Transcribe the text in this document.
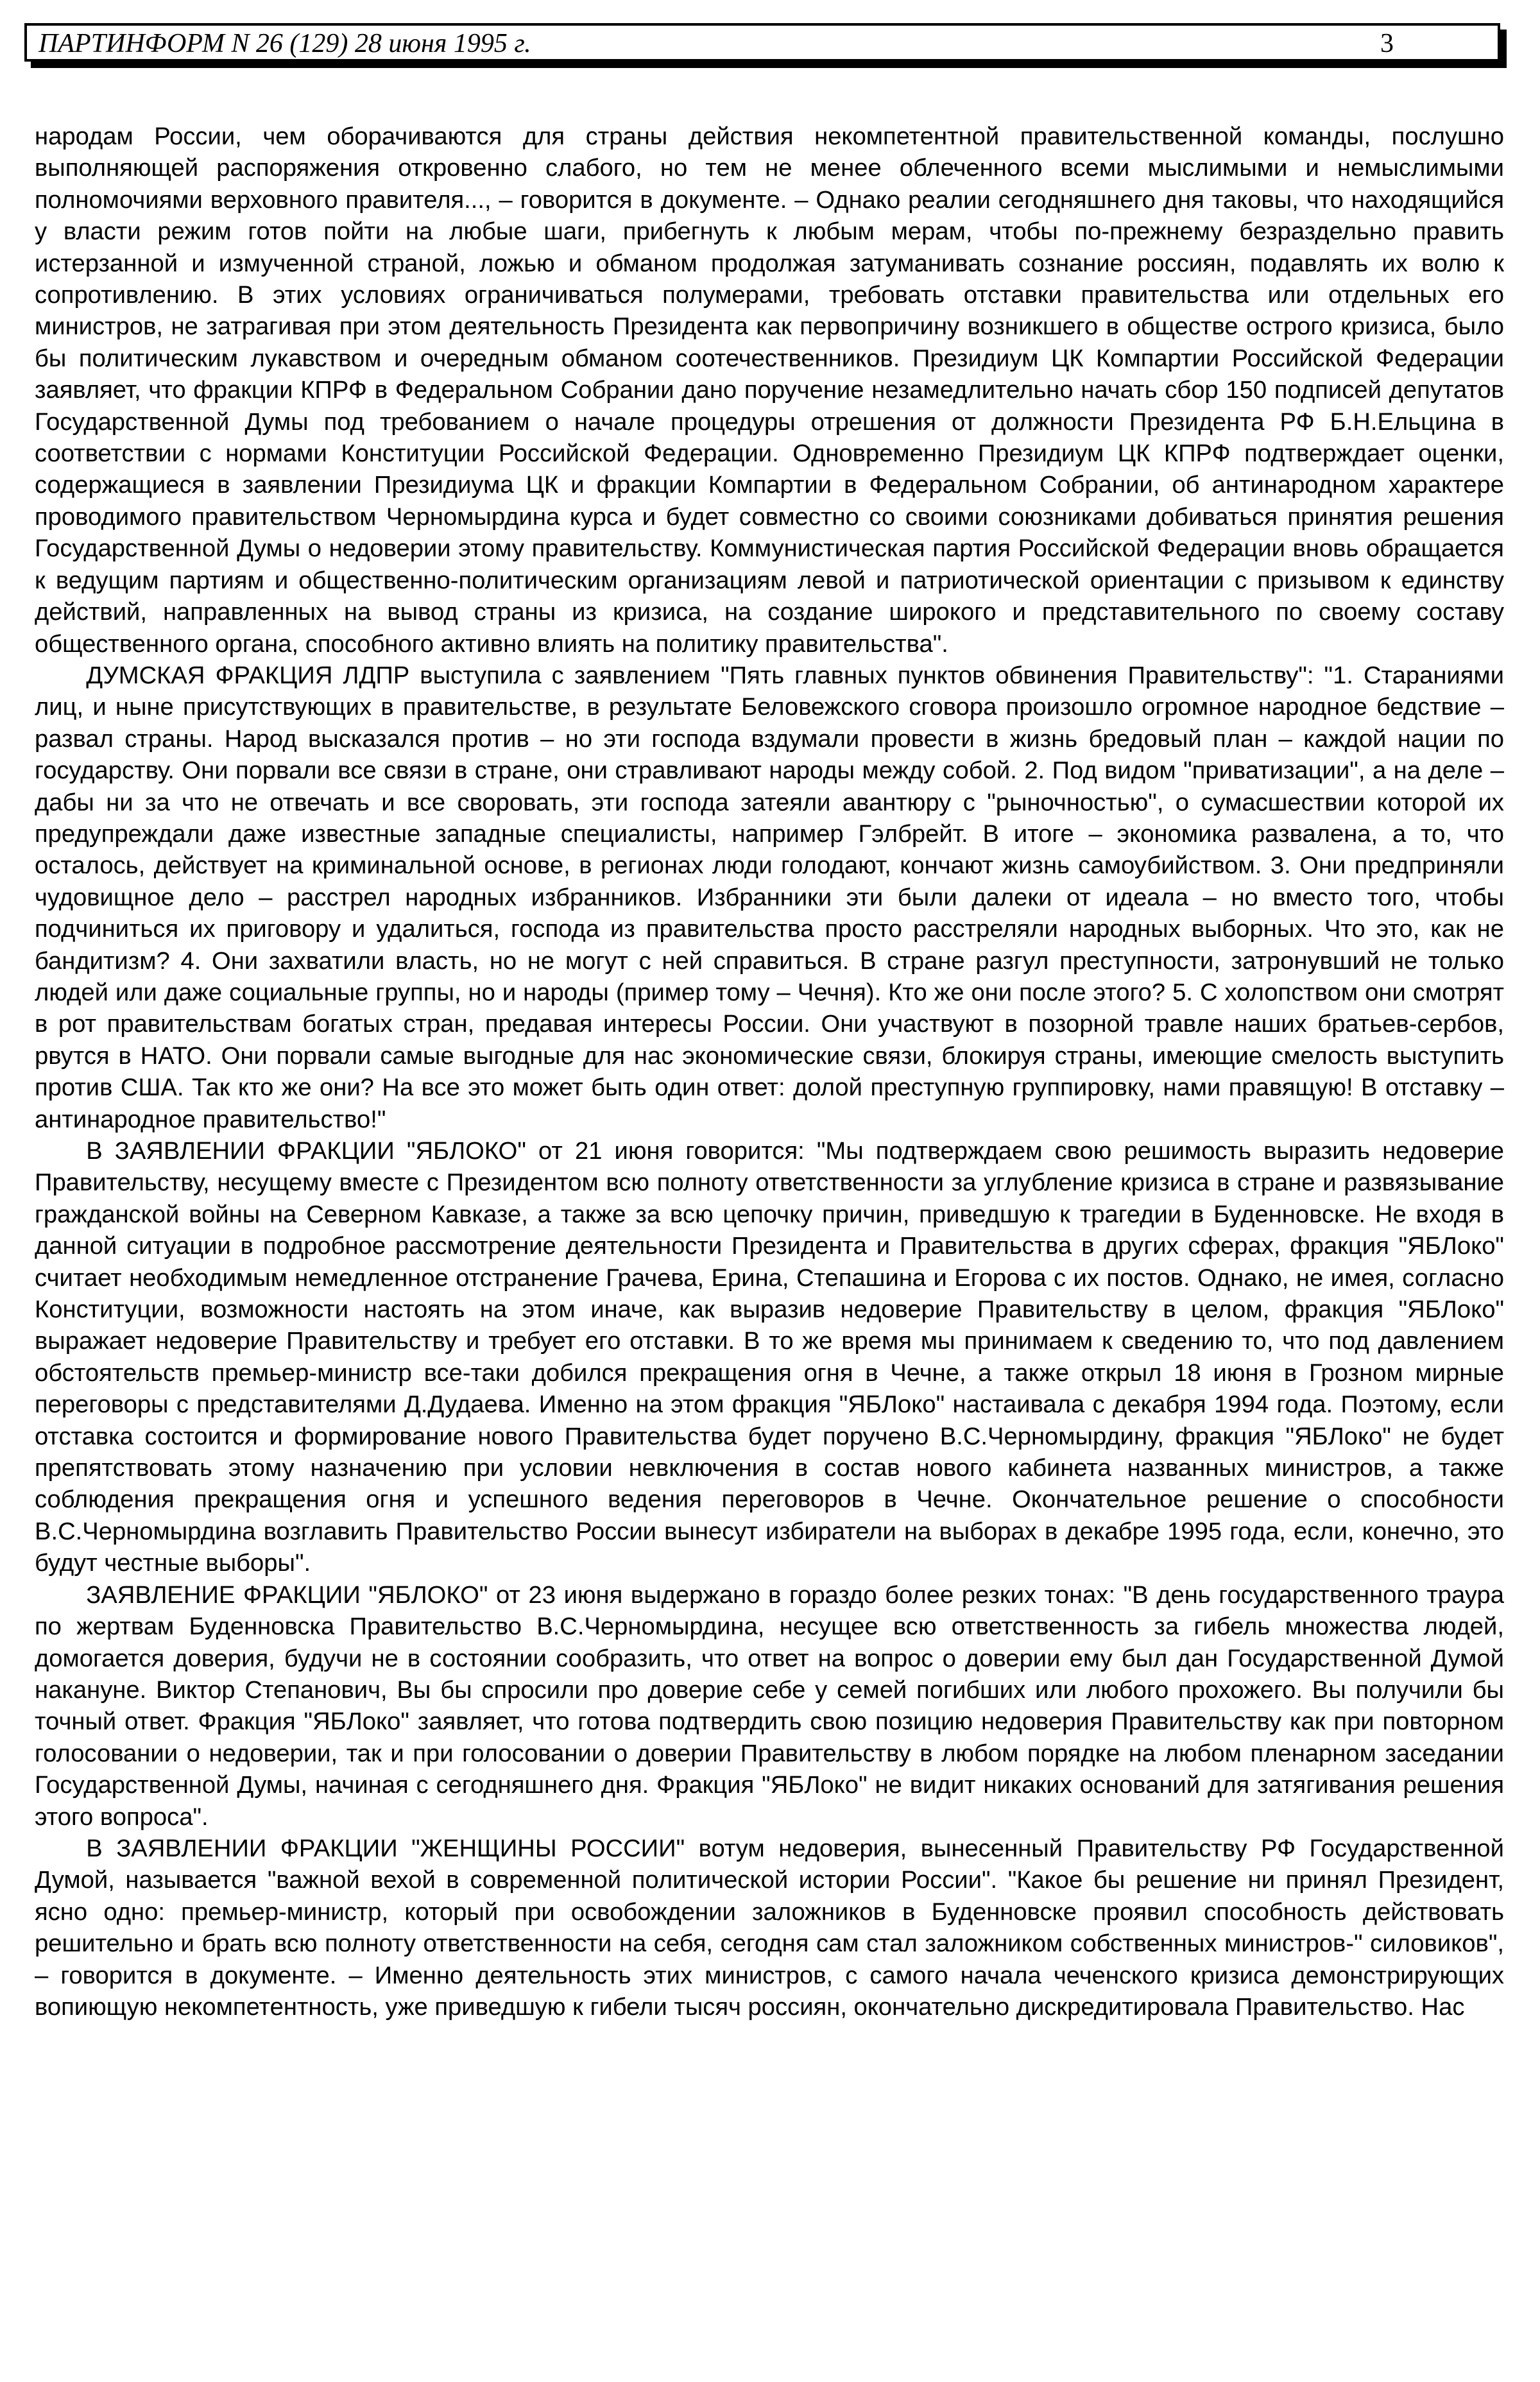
ПАРТИНФОРМ N 26 (129) 28 июня 1995 г.	3

народам России, чем оборачиваются для страны действия некомпетентной правительственной команды, послушно выполняющей распоряжения откровенно слабого, но тем не менее облеченного всеми мыслимыми и немыслимыми полномочиями верховного правителя..., – говорится в документе. – Однако реалии сегодняшнего дня таковы, что находящийся у власти режим готов пойти на любые шаги, прибегнуть к любым мерам, чтобы по-прежнему безраздельно править истерзанной и измученной страной, ложью и обманом продолжая затуманивать сознание россиян, подавлять их волю к сопротивлению. В этих условиях ограничиваться полумерами, требовать отставки правительства или отдельных его министров, не затрагивая при этом деятельность Президента как первопричину возникшего в обществе острого кризиса, было бы политическим лукавством и очередным обманом соотечественников. Президиум ЦК Компартии Российской Федерации заявляет, что фракции КПРФ в Федеральном Собрании дано поручение незамедлительно начать сбор 150 подписей депутатов Государственной Думы под требованием о начале процедуры отрешения от должности Президента РФ Б.Н.Ельцина в соответствии с нормами Конституции Российской Федерации. Одновременно Президиум ЦК КПРФ подтверждает оценки, содержащиеся в заявлении Президиума ЦК и фракции Компартии в Федеральном Собрании, об антинародном характере проводимого правительством Черномырдина курса и будет совместно со своими союзниками добиваться принятия решения Государственной Думы о недоверии этому правительству. Коммунистическая партия Российской Федерации вновь обращается к ведущим партиям и общественно-политическим организациям левой и патриотической ориентации с призывом к единству действий, направленных на вывод страны из кризиса, на создание широкого и представительного по своему составу общественного органа, способного активно влиять на политику правительства".

ДУМСКАЯ ФРАКЦИЯ ЛДПР выступила с заявлением "Пять главных пунктов обвинения Правительству": "1. Стараниями лиц, и ныне присутствующих в правительстве, в результате Беловежского сговора произошло огромное народное бедствие – развал страны. Народ высказался против – но эти господа вздумали провести в жизнь бредовый план – каждой нации по государству. Они порвали все связи в стране, они стравливают народы между собой. 2. Под видом "приватизации", а на деле – дабы ни за что не отвечать и все своровать, эти господа затеяли авантюру с "рыночностью", о сумасшествии которой их предупреждали даже известные западные специалисты, например Гэлбрейт. В итоге – экономика развалена, а то, что осталось, действует на криминальной основе, в регионах люди голодают, кончают жизнь самоубийством. 3. Они предприняли чудовищное дело – расстрел народных избранников. Избранники эти были далеки от идеала – но вместо того, чтобы подчиниться их приговору и удалиться, господа из правительства просто расстреляли народных выборных. Что это, как не бандитизм? 4. Они захватили власть, но не могут с ней справиться. В стране разгул преступности, затронувший не только людей или даже социальные группы, но и народы (пример тому – Чечня). Кто же они после этого? 5. С холопством они смотрят в рот правительствам богатых стран, предавая интересы России. Они участвуют в позорной травле наших братьев-сербов, рвутся в НАТО. Они порвали самые выгодные для нас экономические связи, блокируя страны, имеющие смелость выступить против США. Так кто же они? На все это может быть один ответ: долой преступную группировку, нами правящую! В отставку – антинародное правительство!"

В ЗАЯВЛЕНИИ ФРАКЦИИ "ЯБЛОКО" от 21 июня говорится: "Мы подтверждаем свою решимость выразить недоверие Правительству, несущему вместе с Президентом всю полноту ответственности за углубление кризиса в стране и развязывание гражданской войны на Северном Кавказе, а также за всю цепочку причин, приведшую к трагедии в Буденновске. Не входя в данной ситуации в подробное рассмотрение деятельности Президента и Правительства в других сферах, фракция "ЯБЛоко" считает необходимым немедленное отстранение Грачева, Ерина, Степашина и Егорова с их постов. Однако, не имея, согласно Конституции, возможности настоять на этом иначе, как выразив недоверие Правительству в целом, фракция "ЯБЛоко" выражает недоверие Правительству и требует его отставки. В то же время мы принимаем к сведению то, что под давлением обстоятельств премьер-министр все-таки добился прекращения огня в Чечне, а также открыл 18 июня в Грозном мирные переговоры с представителями Д.Дудаева. Именно на этом фракция "ЯБЛоко" настаивала с декабря 1994 года. Поэтому, если отставка состоится и формирование нового Правительства будет поручено В.С.Черномырдину, фракция "ЯБЛоко" не будет препятствовать этому назначению при условии невключения в состав нового кабинета названных министров, а также соблюдения прекращения огня и успешного ведения переговоров в Чечне. Окончательное решение о способности В.С.Черномырдина возглавить Правительство России вынесут избиратели на выборах в декабре 1995 года, если, конечно, это будут честные выборы".

ЗАЯВЛЕНИЕ ФРАКЦИИ "ЯБЛОКО" от 23 июня выдержано в гораздо более резких тонах: "В день государственного траура по жертвам Буденновска Правительство В.С.Черномырдина, несущее всю ответственность за гибель множества людей, домогается доверия, будучи не в состоянии сообразить, что ответ на вопрос о доверии ему был дан Государственной Думой накануне. Виктор Степанович, Вы бы спросили про доверие себе у семей погибших или любого прохожего. Вы получили бы точный ответ. Фракция "ЯБЛоко" заявляет, что готова подтвердить свою позицию недоверия Правительству как при повторном голосовании о недоверии, так и при голосовании о доверии Правительству в любом порядке на любом пленарном заседании Государственной Думы, начиная с сегодняшнего дня. Фракция "ЯБЛоко" не видит никаких оснований для затягивания решения этого вопроса".

В ЗАЯВЛЕНИИ ФРАКЦИИ "ЖЕНЩИНЫ РОССИИ" вотум недоверия, вынесенный Правительству РФ Государственной Думой, называется "важной вехой в современной политической истории России". "Какое бы решение ни принял Президент, ясно одно: премьер-министр, который при освобождении заложников в Буденновске проявил способность действовать решительно и брать всю полноту ответственности на себя, сегодня сам стал заложником собственных министров-" силовиков", – говорится в документе. – Именно деятельность этих министров, с самого начала чеченского кризиса демонстрирующих вопиющую некомпетентность, уже приведшую к гибели тысяч россиян, окончательно дискредитировала Правительство. Нас
